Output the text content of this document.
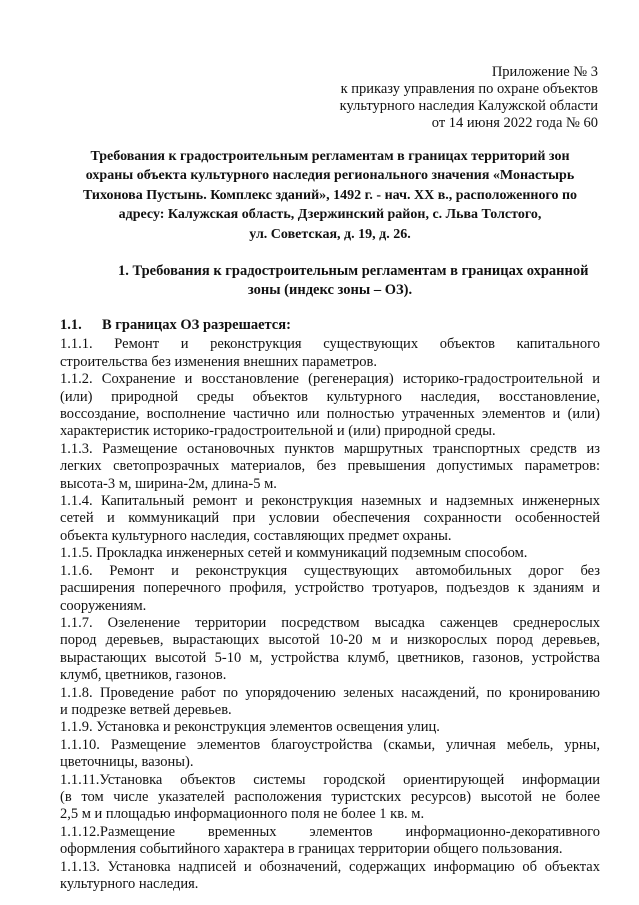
Приложение № 3
к приказу управления по охране объектов
культурного наследия Калужской области
от 14 июня 2022 года № 60
Требования к градостроительным регламентам в границах территорий зон
охраны объекта культурного наследия регионального значения «Монастырь
Тихонова Пустынь. Комплекс зданий», 1492 г. - нач. XX в., расположенного по
адресу: Калужская область, Дзержинский район, с. Льва Толстого,
ул. Советская, д. 19, д. 26.
1. Требования к градостроительным регламентам в границах охранной
зоны (индекс зоны – ОЗ).
1.1. В границах ОЗ разрешается:
1.1.1. Ремонт и реконструкция существующих объектов капитального
строительства без изменения внешних параметров.
1.1.2. Сохранение и восстановление (регенерация) историко-градостроительной и
(или) природной среды объектов культурного наследия, восстановление,
воссоздание, восполнение частично или полностью утраченных элементов и (или)
характеристик историко-градостроительной и (или) природной среды.
1.1.3. Размещение остановочных пунктов маршрутных транспортных средств из
легких светопрозрачных материалов, без превышения допустимых параметров:
высота-3 м, ширина-2м, длина-5 м.
1.1.4. Капитальный ремонт и реконструкция наземных и надземных инженерных
сетей и коммуникаций при условии обеспечения сохранности особенностей
объекта культурного наследия, составляющих предмет охраны.
1.1.5. Прокладка инженерных сетей и коммуникаций подземным способом.
1.1.6. Ремонт и реконструкция существующих автомобильных дорог без
расширения поперечного профиля, устройство тротуаров, подъездов к зданиям и
сооружениям.
1.1.7. Озеленение территории посредством высадка саженцев среднерослых
пород деревьев, вырастающих высотой 10-20 м и низкорослых пород деревьев,
вырастающих высотой 5-10 м, устройства клумб, цветников, газонов, устройства
клумб, цветников, газонов.
1.1.8. Проведение работ по упорядочению зеленых насаждений, по кронированию
и подрезке ветвей деревьев.
1.1.9. Установка и реконструкция элементов освещения улиц.
1.1.10. Размещение элементов благоустройства (скамьи, уличная мебель, урны,
цветочницы, вазоны).
1.1.11.Установка объектов системы городской ориентирующей информации
(в том числе указателей расположения туристских ресурсов) высотой не более
2,5 м и площадью информационного поля не более 1 кв. м.
1.1.12.Размещение временных элементов информационно-декоративного
оформления событийного характера в границах территории общего пользования.
1.1.13. Установка надписей и обозначений, содержащих информацию об объектах
культурного наследия.
